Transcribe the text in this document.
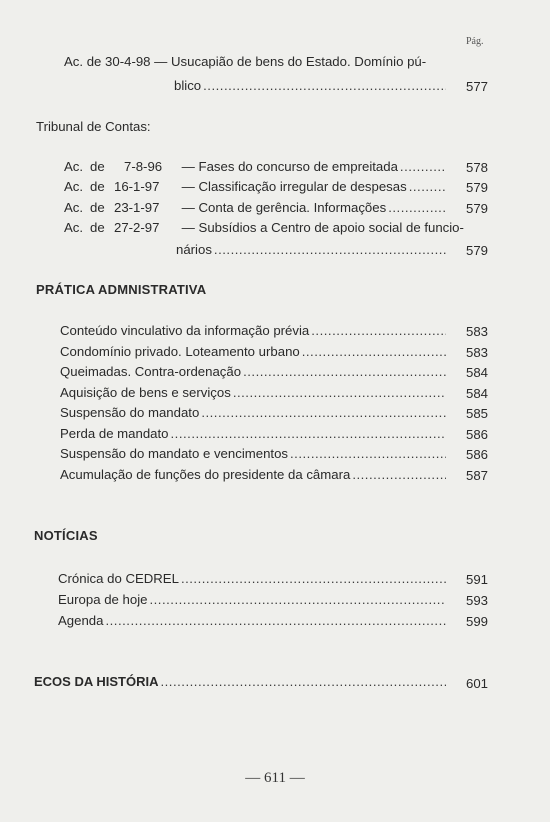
Pág.
Ac. de 30-4-98 — Usucapião de bens do Estado. Domínio pú-
blico .....	577
Tribunal de Contas:
Ac. de 7-8-96 — Fases do concurso de empreitada .....	578
Ac. de 16-1-97 — Classificação irregular de despesas .....	579
Ac. de 23-1-97 — Conta de gerência. Informações .....	579
Ac. de 27-2-97 — Subsídios a Centro de apoio social de funcio-
nários .....	579
PRÁTICA ADMNISTRATIVA
Conteúdo vinculativo da informação prévia .....	583
Condomínio privado. Loteamento urbano .....	583
Queimadas. Contra-ordenação .....	584
Aquisição de bens e serviços .....	584
Suspensão do mandato .....	585
Perda de mandato .....	586
Suspensão do mandato e vencimentos .....	586
Acumulação de funções do presidente da câmara .....	587
NOTÍCIAS
Crónica do CEDREL .....	591
Europa de hoje .....	593
Agenda .....	599
ECOS DA HISTÓRIA .....	601
— 611 —
